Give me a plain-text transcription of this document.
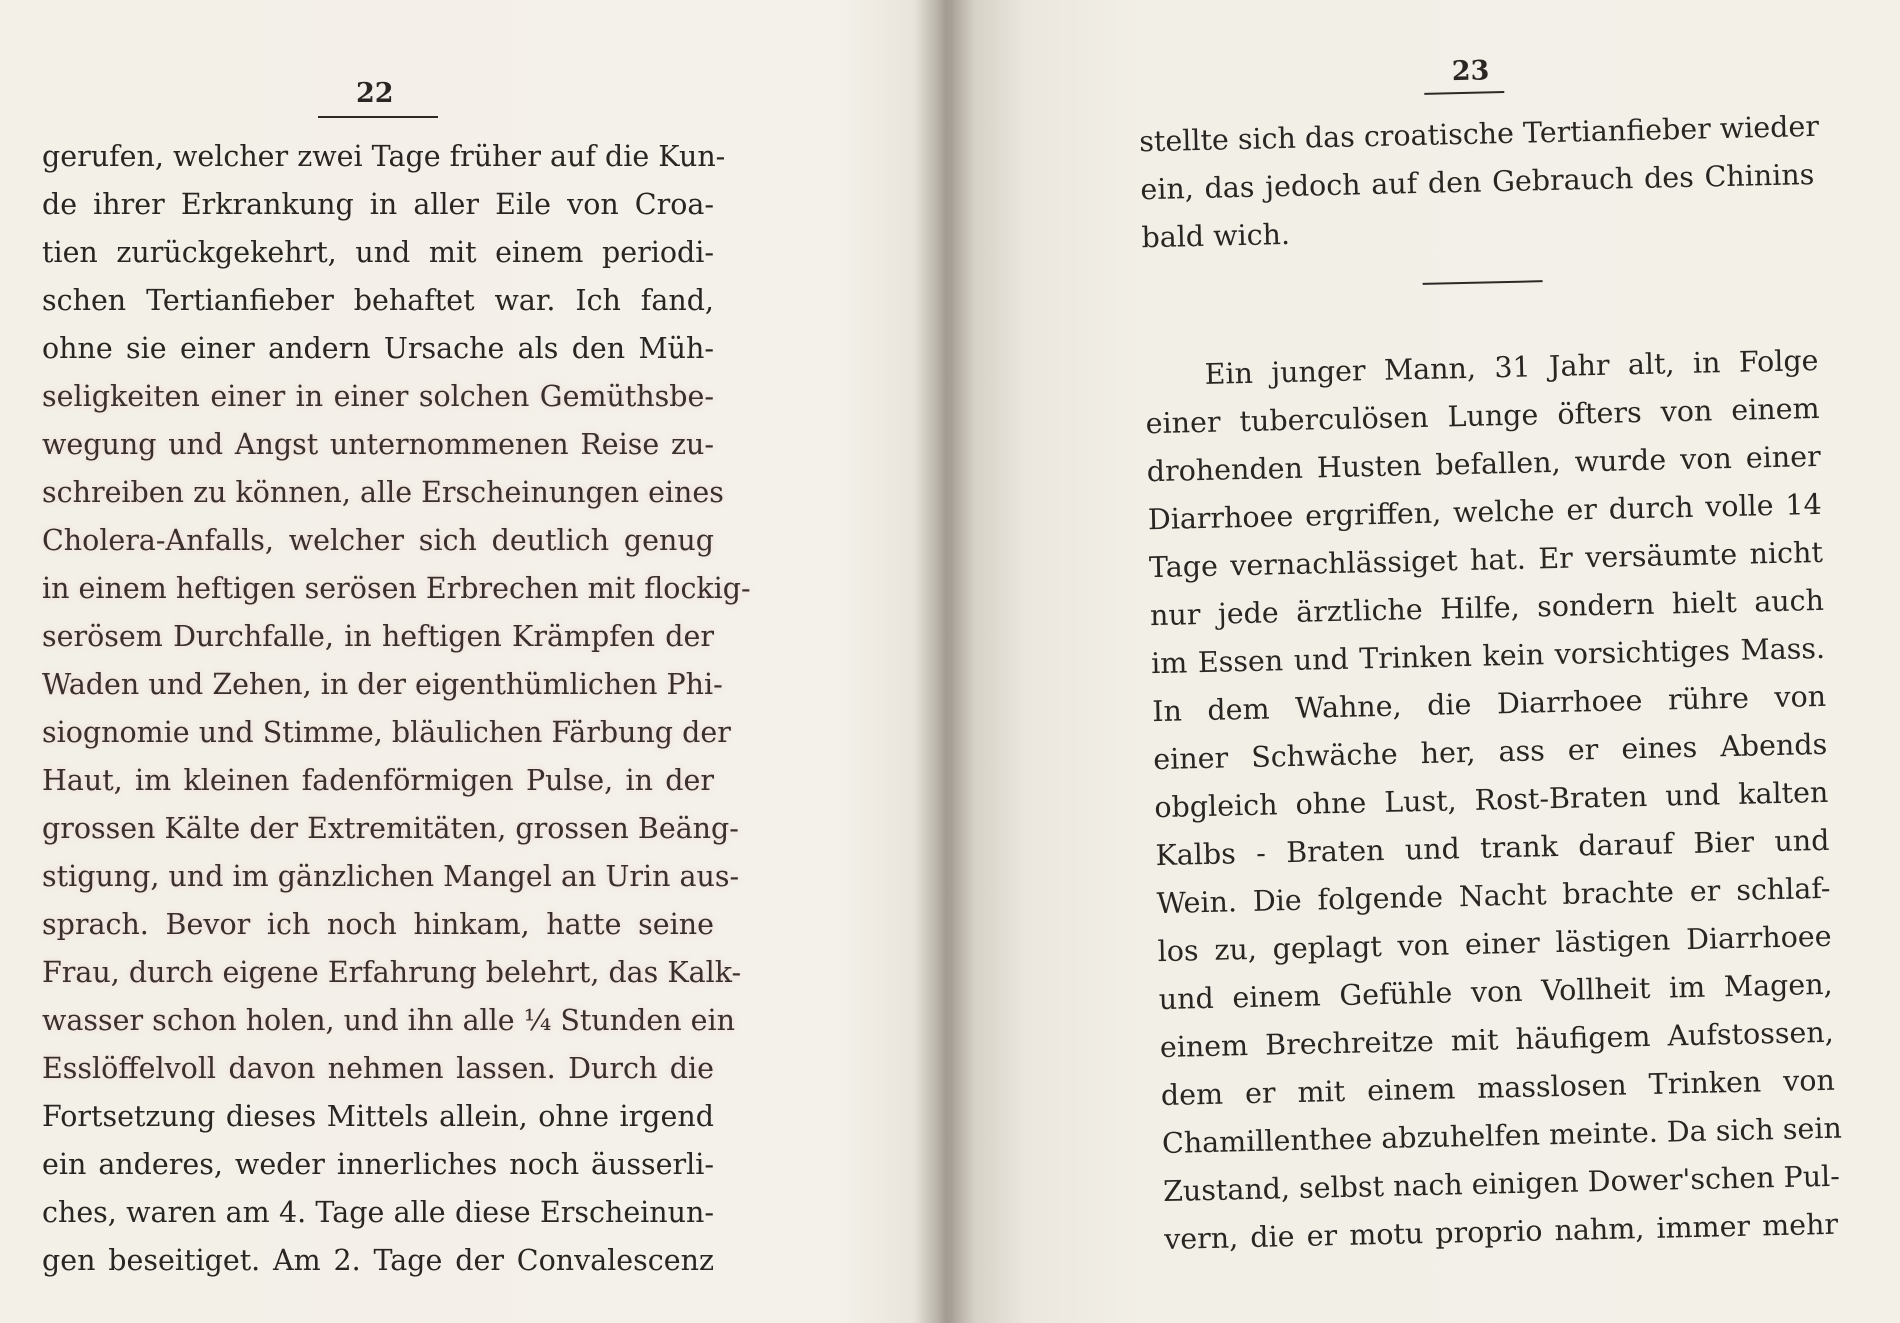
22
gerufen, welcher zwei Tage früher auf die Kun-
de ihrer Erkrankung in aller Eile von Croa-
tien zurückgekehrt, und mit einem periodi-
schen Tertianfieber behaftet war. Ich fand,
ohne sie einer andern Ursache als den Müh-
seligkeiten einer in einer solchen Gemüthsbe-
wegung und Angst unternommenen Reise zu-
schreiben zu können, alle Erscheinungen eines
Cholera-Anfalls, welcher sich deutlich genug
in einem heftigen serösen Erbrechen mit flockig-
serösem Durchfalle, in heftigen Krämpfen der
Waden und Zehen, in der eigenthümlichen Phi-
siognomie und Stimme, bläulichen Färbung der
Haut, im kleinen fadenförmigen Pulse, in der
grossen Kälte der Extremitäten, grossen Beäng-
stigung, und im gänzlichen Mangel an Urin aus-
sprach. Bevor ich noch hinkam, hatte seine
Frau, durch eigene Erfahrung belehrt, das Kalk-
wasser schon holen, und ihn alle ¼ Stunden ein
Esslöffelvoll davon nehmen lassen. Durch die
Fortsetzung dieses Mittels allein, ohne irgend
ein anderes, weder innerliches noch äusserli-
ches, waren am 4. Tage alle diese Erscheinun-
gen beseitiget. Am 2. Tage der Convalescenz
23
stellte sich das croatische Tertianfieber wieder
ein, das jedoch auf den Gebrauch des Chinins
bald wich.
Ein junger Mann, 31 Jahr alt, in Folge
einer tuberculösen Lunge öfters von einem
drohenden Husten befallen, wurde von einer
Diarrhoee ergriffen, welche er durch volle 14
Tage vernachlässiget hat. Er versäumte nicht
nur jede ärztliche Hilfe, sondern hielt auch
im Essen und Trinken kein vorsichtiges Mass.
In dem Wahne, die Diarrhoee rühre von
einer Schwäche her, ass er eines Abends
obgleich ohne Lust, Rost-Braten und kalten
Kalbs - Braten und trank darauf Bier und
Wein. Die folgende Nacht brachte er schlaf-
los zu, geplagt von einer lästigen Diarrhoee
und einem Gefühle von Vollheit im Magen,
einem Brechreitze mit häufigem Aufstossen,
dem er mit einem masslosen Trinken von
Chamillenthee abzuhelfen meinte. Da sich sein
Zustand, selbst nach einigen Dower'schen Pul-
vern, die er motu proprio nahm, immer mehr
